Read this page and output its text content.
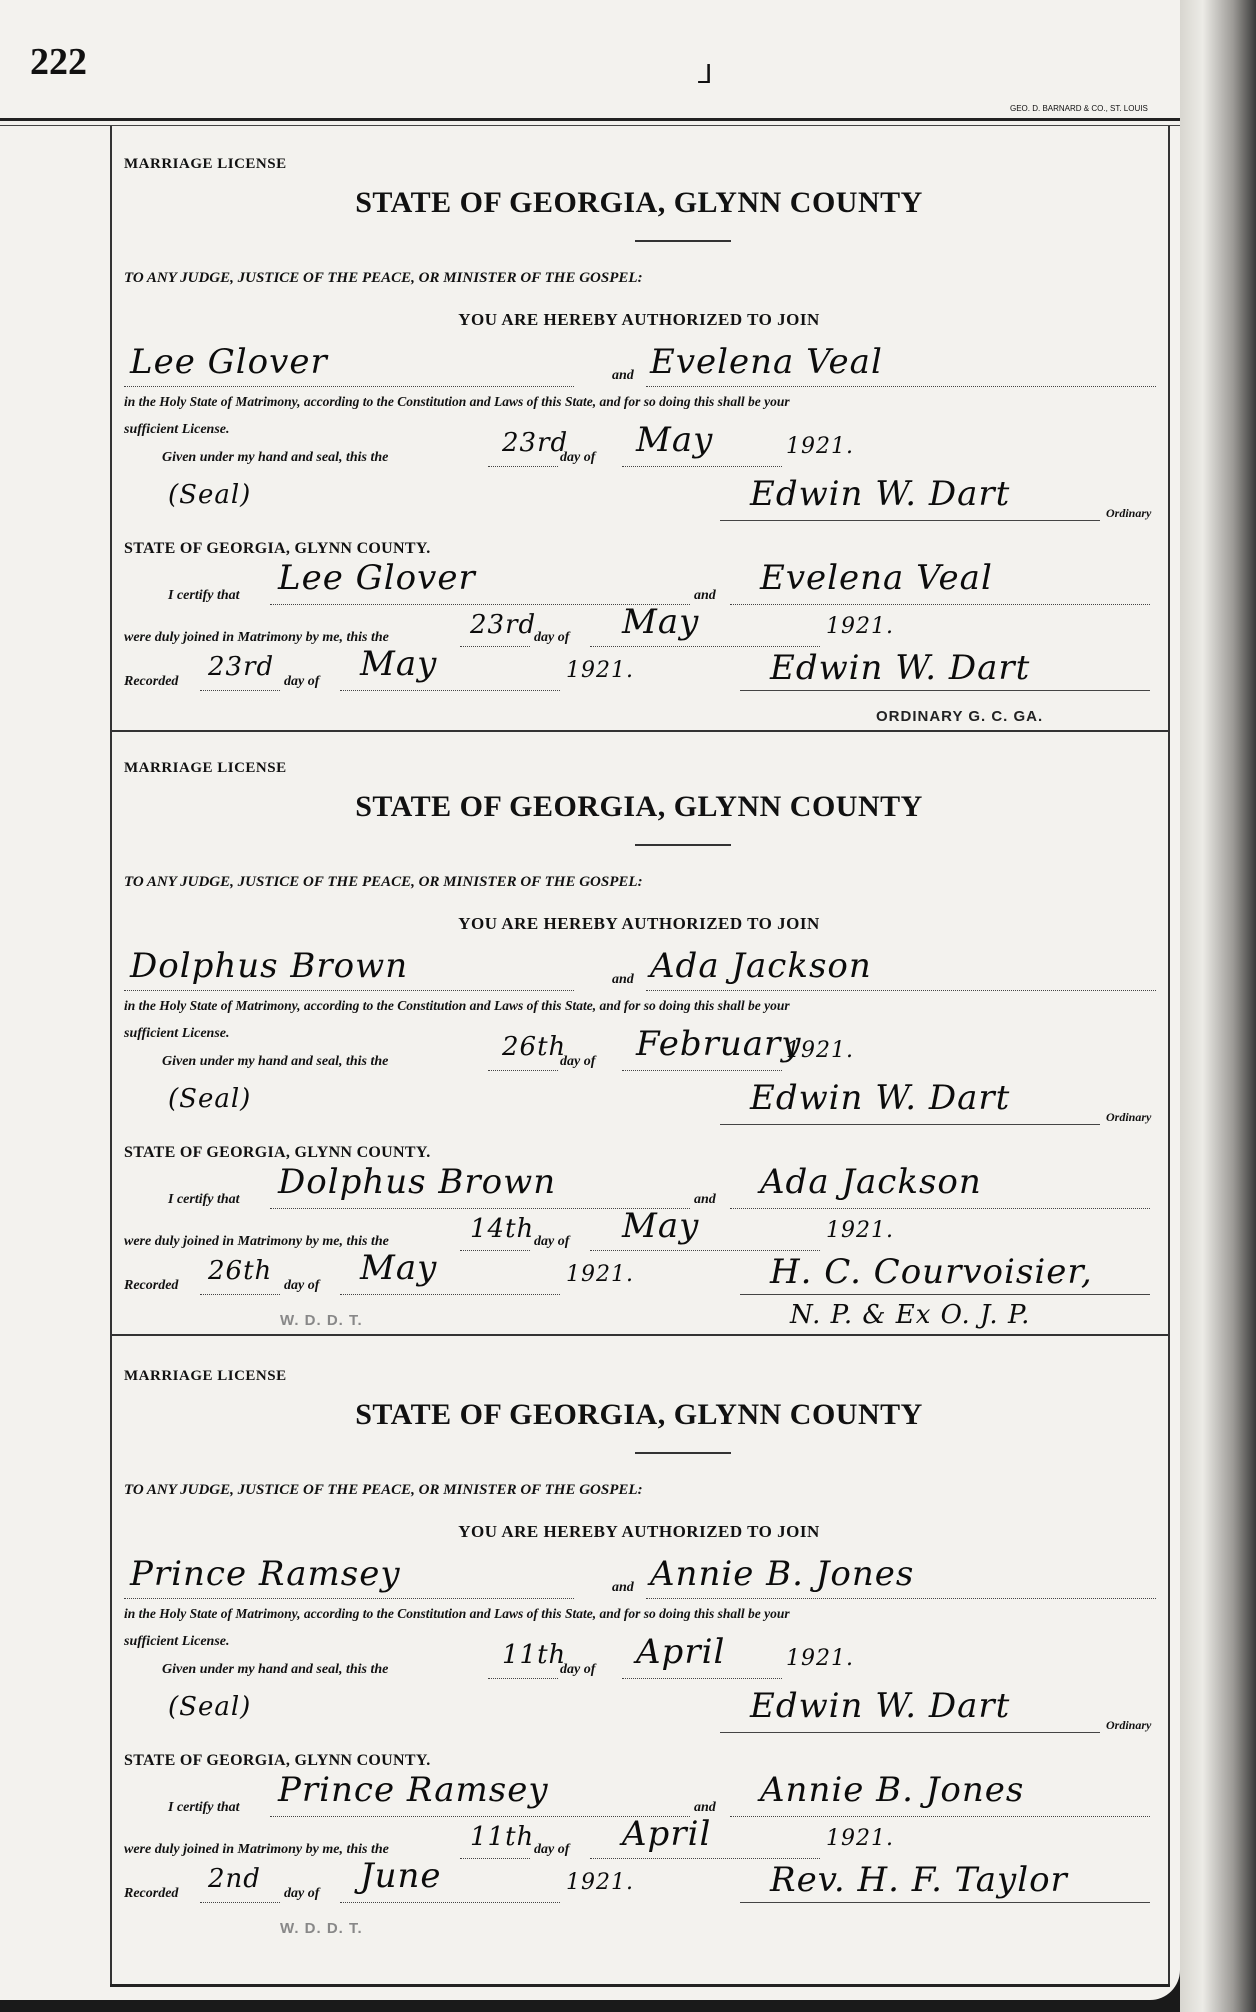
222	⅃
GEO. D. BARNARD & CO., ST. LOUIS
MARRIAGE LICENSE
STATE OF GEORGIA, GLYNN COUNTY
TO ANY JUDGE, JUSTICE OF THE PEACE, OR MINISTER OF THE GOSPEL:
YOU ARE HEREBY AUTHORIZED TO JOIN
Lee Glover	and Evelena Veal
in the Holy State of Matrimony, according to the Constitution and Laws of this State, and for so doing this shall be your
sufficient License.
Given under my hand and seal, this the	23rd
day of May	1921.
(Seal)	Edwin W. Dart	Ordinary
STATE OF GEORGIA, GLYNN COUNTY.
I certify that Lee Glover	and Evelena Veal
were duly joined in Matrimony by me, this the	23rd
day of May	1921.
Recorded 23rd day of May	1921.	Edwin W. Dart
ORDINARY G. C. GA.
MARRIAGE LICENSE
STATE OF GEORGIA, GLYNN COUNTY
TO ANY JUDGE, JUSTICE OF THE PEACE, OR MINISTER OF THE GOSPEL:
YOU ARE HEREBY AUTHORIZED TO JOIN
Dolphus Brown	and Ada Jackson
in the Holy State of Matrimony, according to the Constitution and Laws of this State, and for so doing this shall be your
sufficient License.
Given under my hand and seal, this the	26th
day of February
1921.
(Seal)	Edwin W. Dart	Ordinary
STATE OF GEORGIA, GLYNN COUNTY.
I certify that Dolphus Brown	and Ada Jackson
were duly joined in Matrimony by me, this the	14th day of May	1921.
Recorded 26th day of May	1921.	H. C. Courvoisier,
N. P. & Ex O. J. P.
W. D. D. T.
MARRIAGE LICENSE
STATE OF GEORGIA, GLYNN COUNTY
TO ANY JUDGE, JUSTICE OF THE PEACE, OR MINISTER OF THE GOSPEL:
YOU ARE HEREBY AUTHORIZED TO JOIN
Prince Ramsey	and Annie B. Jones
in the Holy State of Matrimony, according to the Constitution and Laws of this State, and for so doing this shall be your
sufficient License.
Given under my hand and seal, this the	11th
day of April	1921.
(Seal)	Edwin W. Dart	Ordinary
STATE OF GEORGIA, GLYNN COUNTY.
I certify that Prince Ramsey	and Annie B. Jones
were duly joined in Matrimony by me, this the	11th day of April	1921.
Recorded 2nd day of June	1921.	Rev. H. F. Taylor
W. D. D. T.
